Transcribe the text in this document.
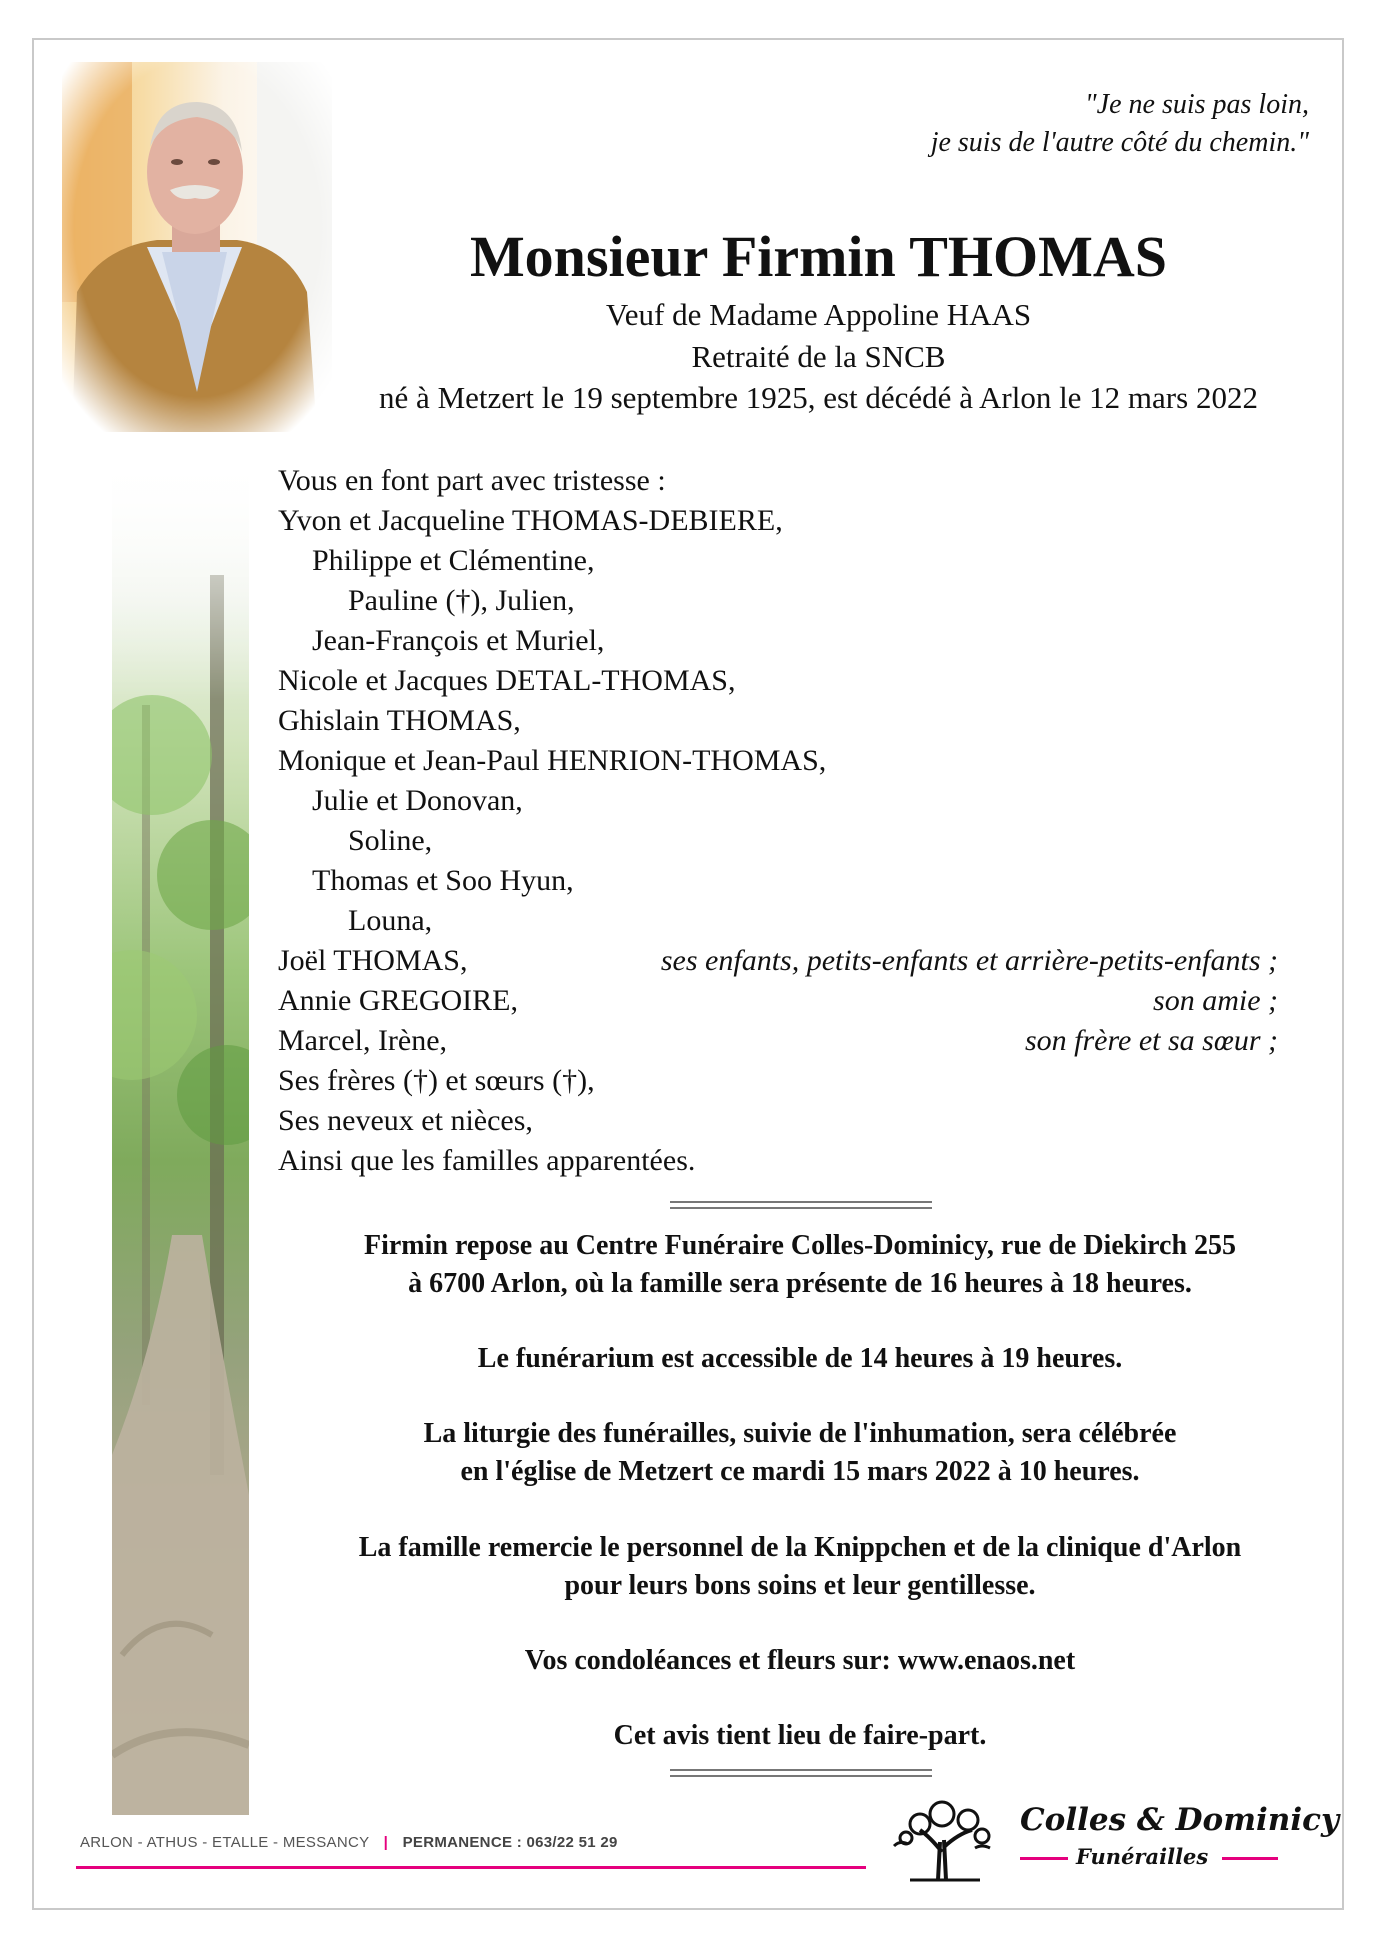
"Je ne suis pas loin,
je suis de l'autre côté du chemin."
Monsieur Firmin THOMAS
Veuf de Madame Appoline HAAS
Retraité de la SNCB
né à Metzert le 19 septembre 1925, est décédé à Arlon le 12 mars 2022
Vous en font part avec tristesse :
Yvon et Jacqueline THOMAS-DEBIERE,
Philippe et Clémentine,
Pauline (†), Julien,
Jean-François et Muriel,
Nicole et Jacques DETAL-THOMAS,
Ghislain THOMAS,
Monique et Jean-Paul HENRION-THOMAS,
Julie et Donovan,
Soline,
Thomas et Soo Hyun,
Louna,
Joël THOMAS,	ses enfants, petits-enfants et arrière-petits-enfants ;
Annie GREGOIRE,	son amie ;
Marcel, Irène,	son frère et sa sœur ;
Ses frères (†) et sœurs (†),
Ses neveux et nièces,
Ainsi que les familles apparentées.
Firmin repose au Centre Funéraire Colles-Dominicy, rue de Diekirch 255
à 6700 Arlon, où la famille sera présente de 16 heures à 18 heures.
Le funérarium est accessible de 14 heures à 19 heures.
La liturgie des funérailles, suivie de l'inhumation, sera célébrée
en l'église de Metzert ce mardi 15 mars 2022 à 10 heures.
La famille remercie le personnel de la Knippchen et de la clinique d'Arlon
pour leurs bons soins et leur gentillesse.
Vos condoléances et fleurs sur: www.enaos.net
Cet avis tient lieu de faire-part.
ARLON - ATHUS - ETALLE - MESSANCY | PERMANENCE : 063/22 51 29
Colles & Dominicy
Funérailles
